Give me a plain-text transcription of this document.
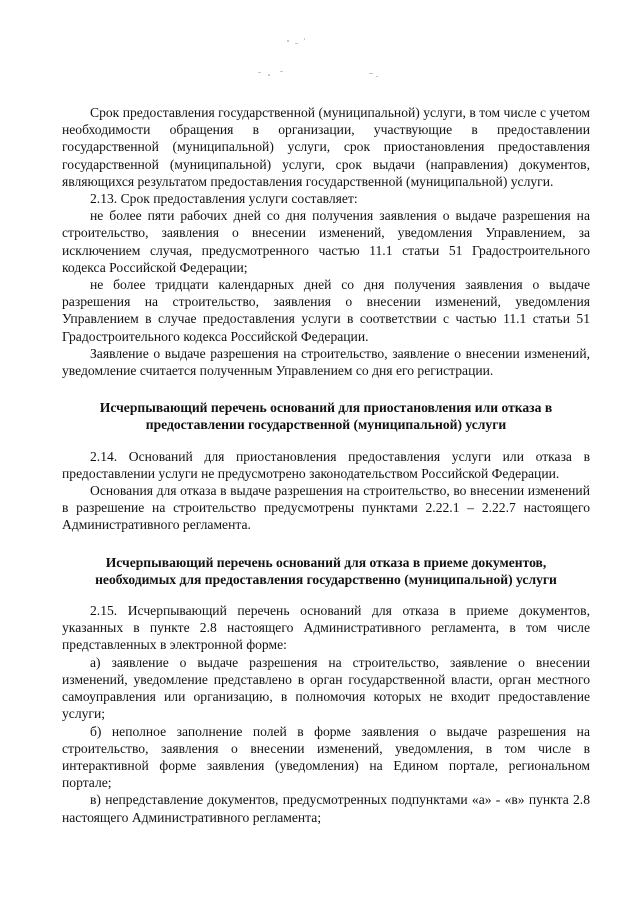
Срок предоставления государственной (муниципальной) услуги, в том числе с учетом необходимости обращения в организации, участвующие в предоставлении государственной (муниципальной) услуги, срок приостановления предоставления государственной (муниципальной) услуги, срок выдачи (направления) документов, являющихся результатом предоставления государственной (муниципальной) услуги.

2.13. Срок предоставления услуги составляет:

не более пяти рабочих дней со дня получения заявления о выдаче разрешения на строительство, заявления о внесении изменений, уведомления Управлением, за исключением случая, предусмотренного частью 11.1 статьи 51 Градостроительного кодекса Российской Федерации;

не более тридцати календарных дней со дня получения заявления о выдаче разрешения на строительство, заявления о внесении изменений, уведомления Управлением в случае предоставления услуги в соответствии с частью 11.1 статьи 51 Градостроительного кодекса Российской Федерации.

Заявление о выдаче разрешения на строительство, заявление о внесении изменений, уведомление считается полученным Управлением со дня его регистрации.

Исчерпывающий перечень оснований для приостановления или отказа в
предоставлении государственной (муниципальной) услуги

2.14. Оснований для приостановления предоставления услуги или отказа в предоставлении услуги не предусмотрено законодательством Российской Федерации.

Основания для отказа в выдаче разрешения на строительство, во внесении изменений в разрешение на строительство предусмотрены пунктами 2.22.1 – 2.22.7 настоящего Административного регламента.

Исчерпывающий перечень оснований для отказа в приеме документов,
необходимых для предоставления государственно (муниципальной) услуги

2.15. Исчерпывающий перечень оснований для отказа в приеме документов, указанных в пункте 2.8 настоящего Административного регламента, в том числе представленных в электронной форме:

а) заявление о выдаче разрешения на строительство, заявление о внесении изменений, уведомление представлено в орган государственной власти, орган местного самоуправления или организацию, в полномочия которых не входит предоставление услуги;

б) неполное заполнение полей в форме заявления о выдаче разрешения на строительство, заявления о внесении изменений, уведомления, в том числе в интерактивной форме заявления (уведомления) на Едином портале, региональном портале;

в) непредставление документов, предусмотренных подпунктами «а» - «в» пункта 2.8 настоящего Административного регламента;
